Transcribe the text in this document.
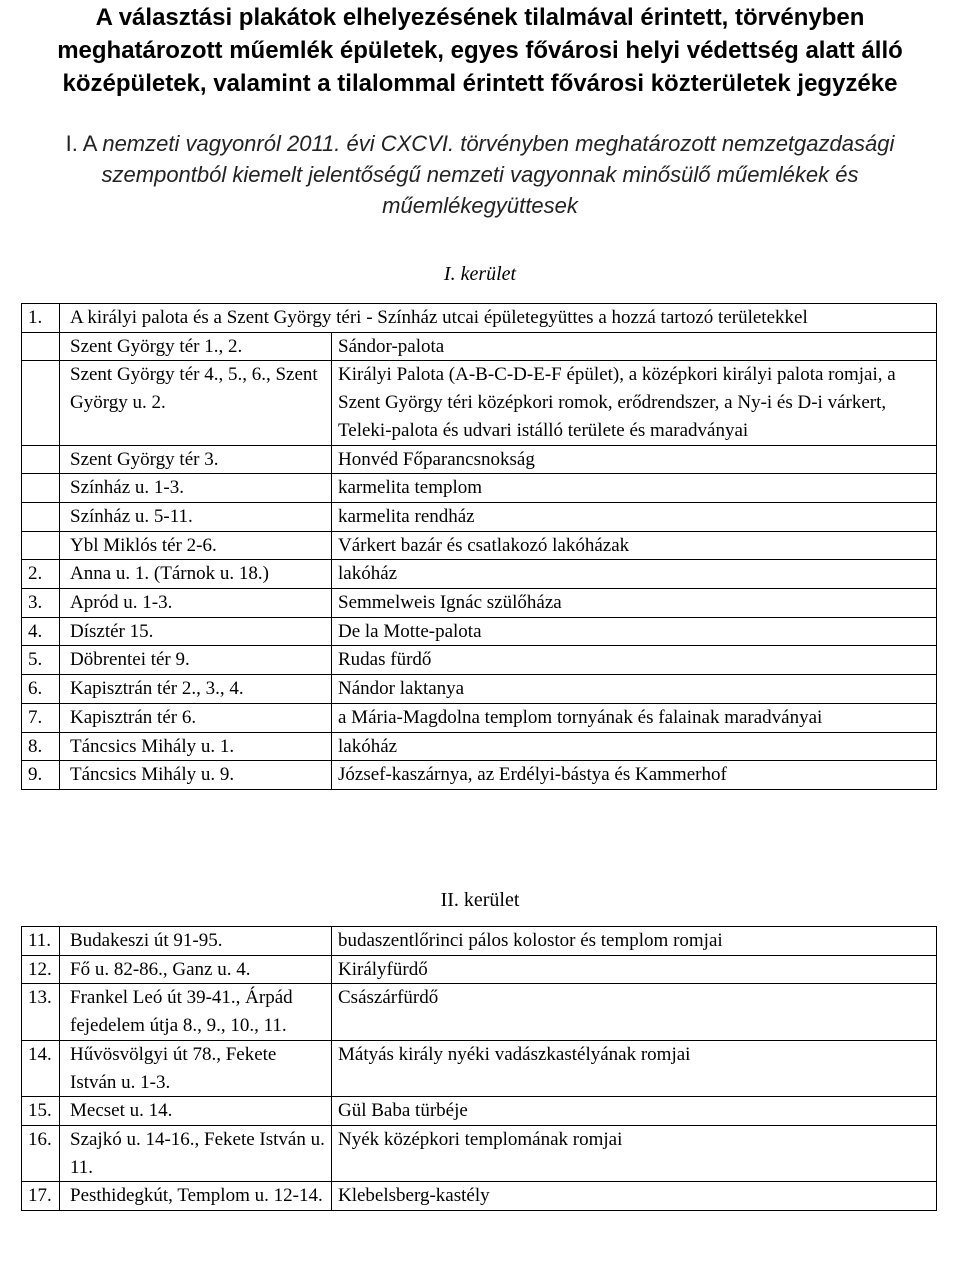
A választási plakátok elhelyezésének tilalmával érintett, törvényben meghatározott műemlék épületek, egyes fővárosi helyi védettség alatt álló középületek, valamint a tilalommal érintett fővárosi közterületek jegyzéke
I. A nemzeti vagyonról 2011. évi CXCVI. törvényben meghatározott nemzetgazdasági szempontból kiemelt jelentőségű nemzeti vagyonnak minősülő műemlékek és műemlékegyüttesek
I. kerület
1.	A királyi palota és a Szent György téri - Színház utcai épületegyüttes a hozzá tartozó területekkel	
	Szent György tér 1., 2.	Sándor-palota
	Szent György tér 4., 5., 6., Szent György u. 2.	Királyi Palota (A-B-C-D-E-F épület), a középkori királyi palota romjai, a Szent György téri középkori romok, erődrendszer, a Ny-i és D-i várkert, Teleki-palota és udvari istálló területe és maradványai
	Szent György tér 3.	Honvéd Főparancsnokság
	Színház u. 1-3.	karmelita templom
	Színház u. 5-11.	karmelita rendház
	Ybl Miklós tér 2-6.	Várkert bazár és csatlakozó lakóházak
2.	Anna u. 1. (Tárnok u. 18.)	lakóház
3.	Apród u. 1-3.	Semmelweis Ignác szülőháza
4.	Dísztér 15.	De la Motte-palota
5.	Döbrentei tér 9.	Rudas fürdő
6.	Kapisztrán tér 2., 3., 4.	Nándor laktanya
7.	Kapisztrán tér 6.	a Mária-Magdolna templom tornyának és falainak maradványai
8.	Táncsics Mihály u. 1.	lakóház
9.	Táncsics Mihály u. 9.	József-kaszárnya, az Erdélyi-bástya és Kammerhof
II. kerület
11.	Budakeszi út 91-95.	budaszentlőrinci pálos kolostor és templom romjai
12.	Fő u. 82-86., Ganz u. 4.	Királyfürdő
13.	Frankel Leó út 39-41., Árpád fejedelem útja 8., 9., 10., 11.	Császárfürdő
14.	Hűvösvölgyi út 78., Fekete István u. 1-3.	Mátyás király nyéki vadászkastélyának romjai
15.	Mecset u. 14.	Gül Baba türbéje
16.	Szajkó u. 14-16., Fekete István u. 11.	Nyék középkori templomának romjai
17.	Pesthidegkút, Templom u. 12-14.	Klebelsberg-kastély
